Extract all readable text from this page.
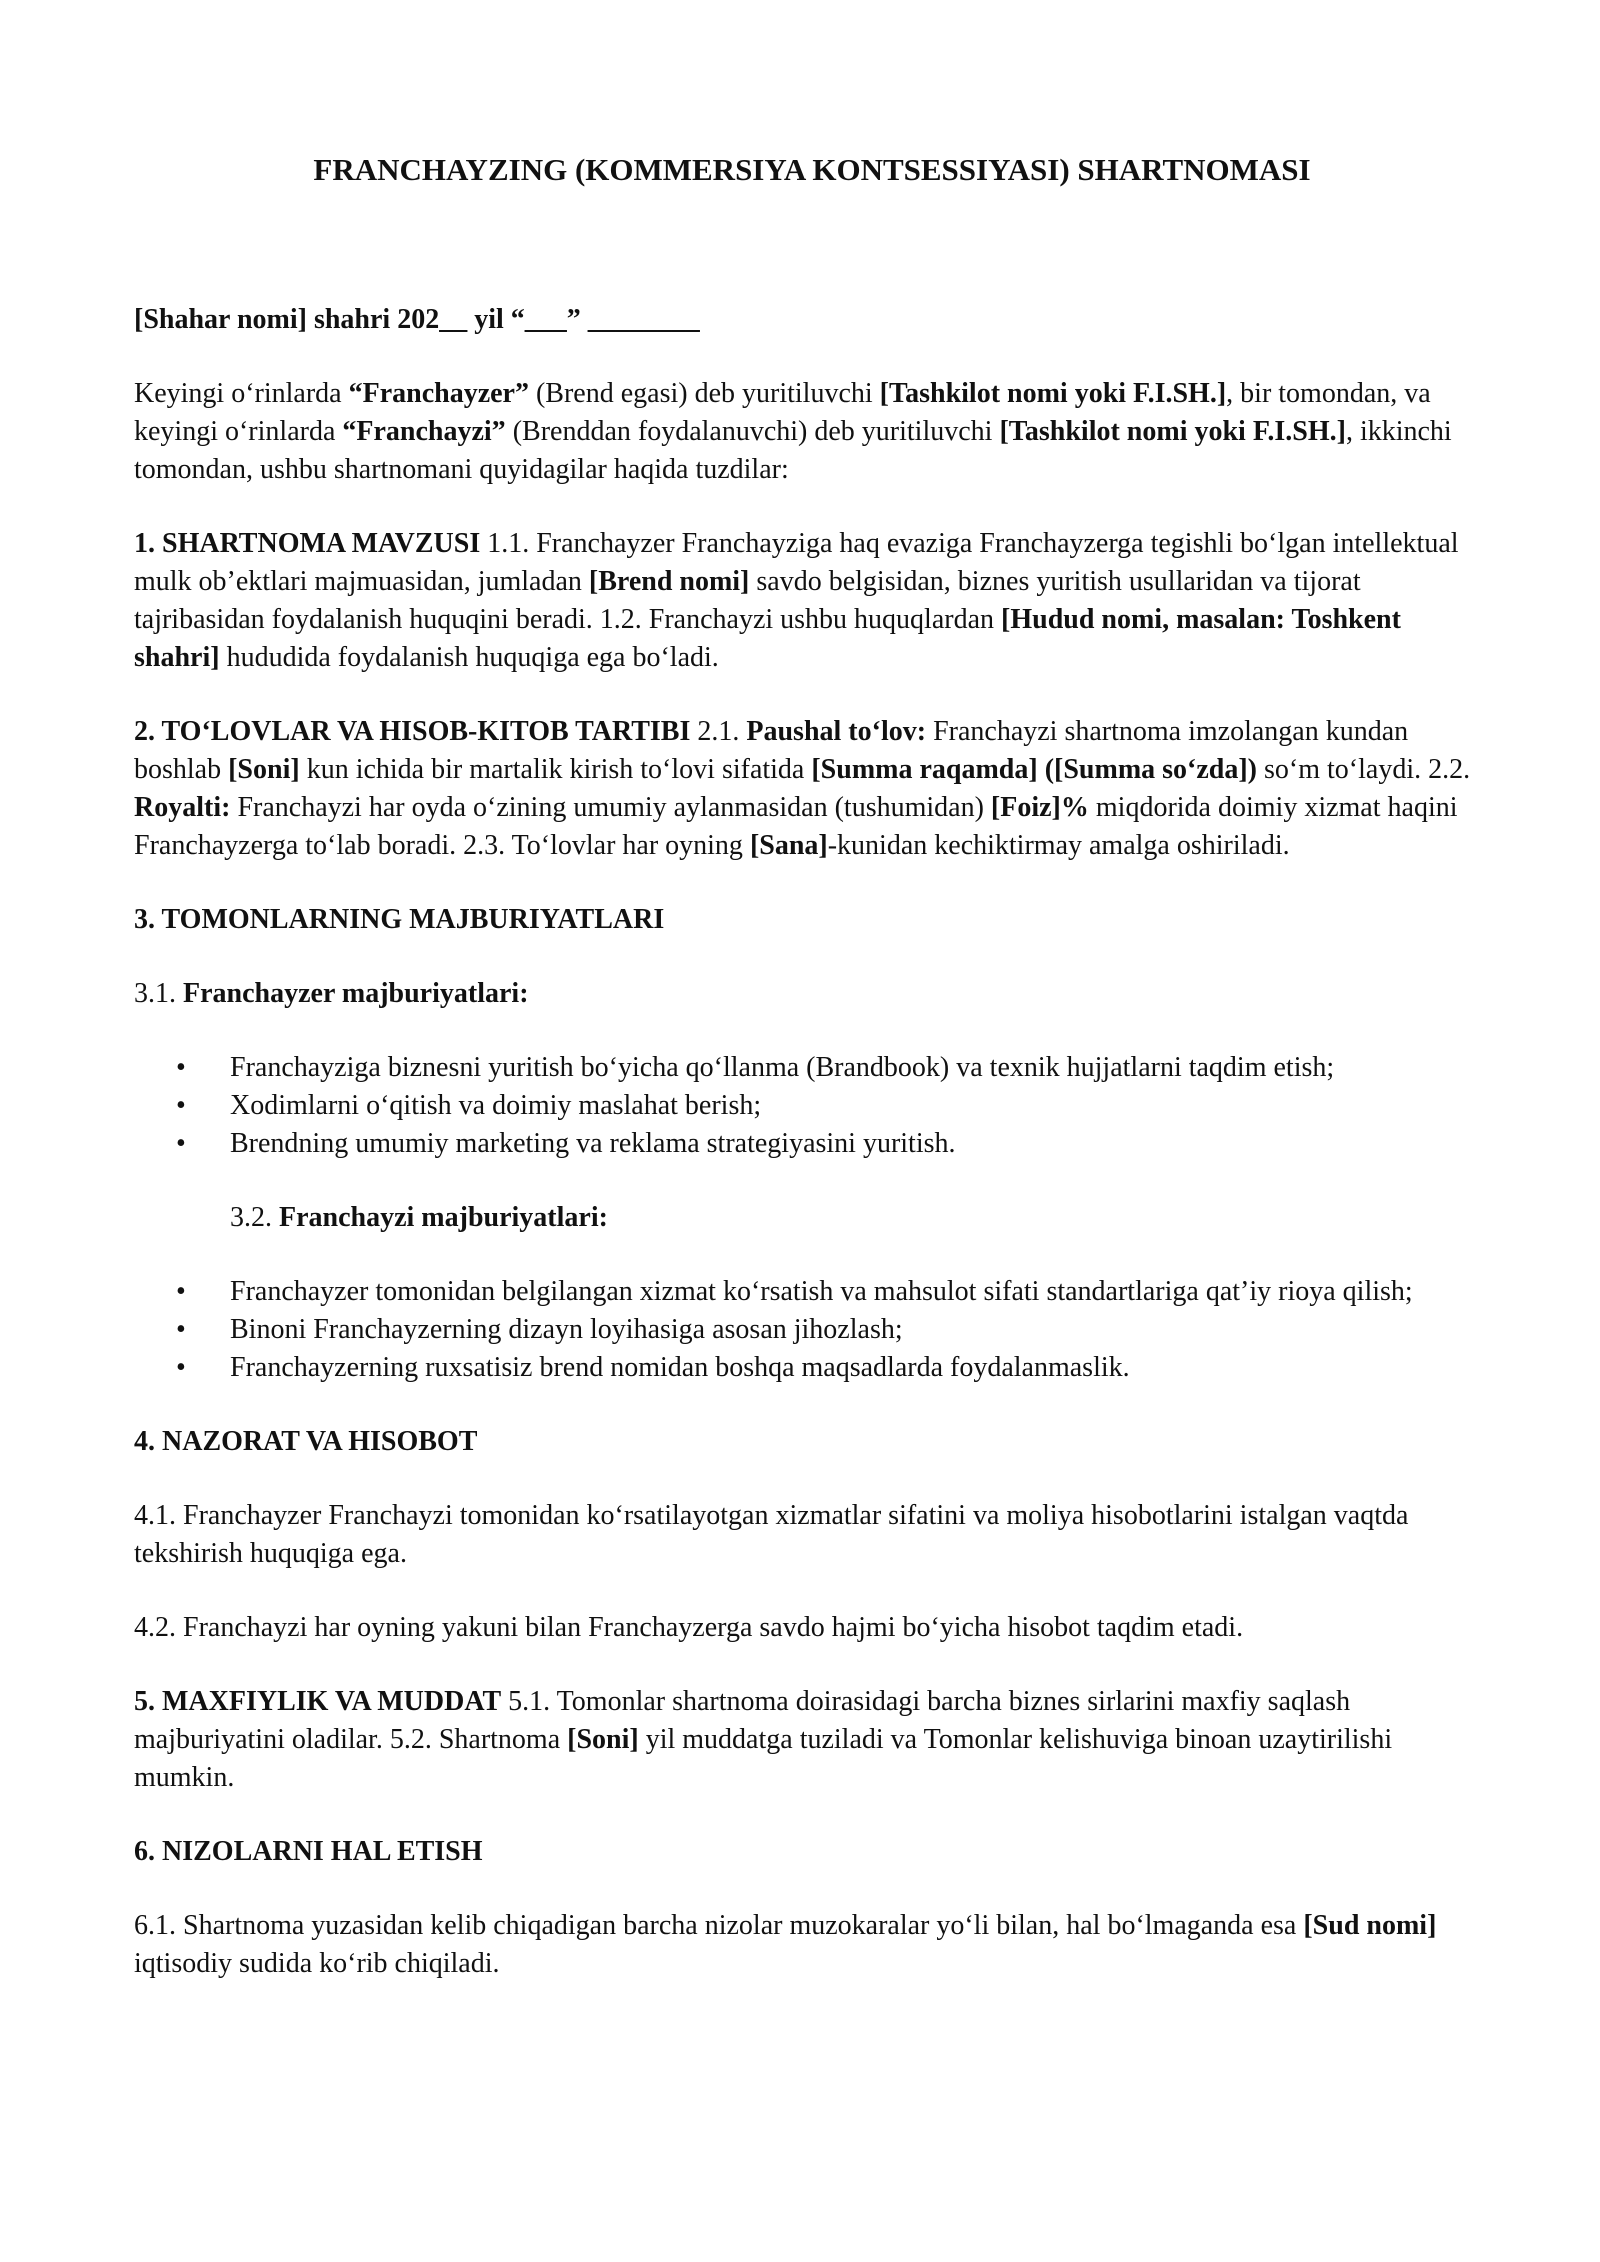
FRANCHAYZING (KOMMERSIYA KONTSESSIYASI) SHARTNOMASI

[Shahar nomi] shahri 202__ yil “___” ________

Keyingi o‘rinlarda “Franchayzer” (Brend egasi) deb yuritiluvchi [Tashkilot nomi yoki F.I.SH.], bir tomondan, va keyingi o‘rinlarda “Franchayzi” (Brenddan foydalanuvchi) deb yuritiluvchi [Tashkilot nomi yoki F.I.SH.], ikkinchi tomondan, ushbu shartnomani quyidagilar haqida tuzdilar:

1. SHARTNOMA MAVZUSI 1.1. Franchayzer Franchayziga haq evaziga Franchayzerga tegishli bo‘lgan intellektual mulk ob’ektlari majmuasidan, jumladan [Brend nomi] savdo belgisidan, biznes yuritish usullaridan va tijorat tajribasidan foydalanish huquqini beradi. 1.2. Franchayzi ushbu huquqlardan [Hudud nomi, masalan: Toshkent shahri] hududida foydalanish huquqiga ega bo‘ladi.

2. TO‘LOVLAR VA HISOB-KITOB TARTIBI 2.1. Paushal to‘lov: Franchayzi shartnoma imzolangan kundan boshlab [Soni] kun ichida bir martalik kirish to‘lovi sifatida [Summa raqamda] ([Summa so‘zda]) so‘m to‘laydi. 2.2. Royalti: Franchayzi har oyda o‘zining umumiy aylanmasidan (tushumidan) [Foiz]% miqdorida doimiy xizmat haqini Franchayzerga to‘lab boradi. 2.3. To‘lovlar har oyning [Sana]-kunidan kechiktirmay amalga oshiriladi.

3. TOMONLARNING MAJBURIYATLARI

3.1. Franchayzer majburiyatlari:

• Franchayziga biznesni yuritish bo‘yicha qo‘llanma (Brandbook) va texnik hujjatlarni taqdim etish;
• Xodimlarni o‘qitish va doimiy maslahat berish;
• Brendning umumiy marketing va reklama strategiyasini yuritish.

3.2. Franchayzi majburiyatlari:

• Franchayzer tomonidan belgilangan xizmat ko‘rsatish va mahsulot sifati standartlariga qat’iy rioya qilish;
• Binoni Franchayzerning dizayn loyihasiga asosan jihozlash;
• Franchayzerning ruxsatisiz brend nomidan boshqa maqsadlarda foydalanmaslik.

4. NAZORAT VA HISOBOT

4.1. Franchayzer Franchayzi tomonidan ko‘rsatilayotgan xizmatlar sifatini va moliya hisobotlarini istalgan vaqtda tekshirish huquqiga ega.

4.2. Franchayzi har oyning yakuni bilan Franchayzerga savdo hajmi bo‘yicha hisobot taqdim etadi.

5. MAXFIYLIK VA MUDDAT 5.1. Tomonlar shartnoma doirasidagi barcha biznes sirlarini maxfiy saqlash majburiyatini oladilar. 5.2. Shartnoma [Soni] yil muddatga tuziladi va Tomonlar kelishuviga binoan uzaytirilishi mumkin.

6. NIZOLARNI HAL ETISH

6.1. Shartnoma yuzasidan kelib chiqadigan barcha nizolar muzokaralar yo‘li bilan, hal bo‘lmaganda esa [Sud nomi] iqtisodiy sudida ko‘rib chiqiladi.
